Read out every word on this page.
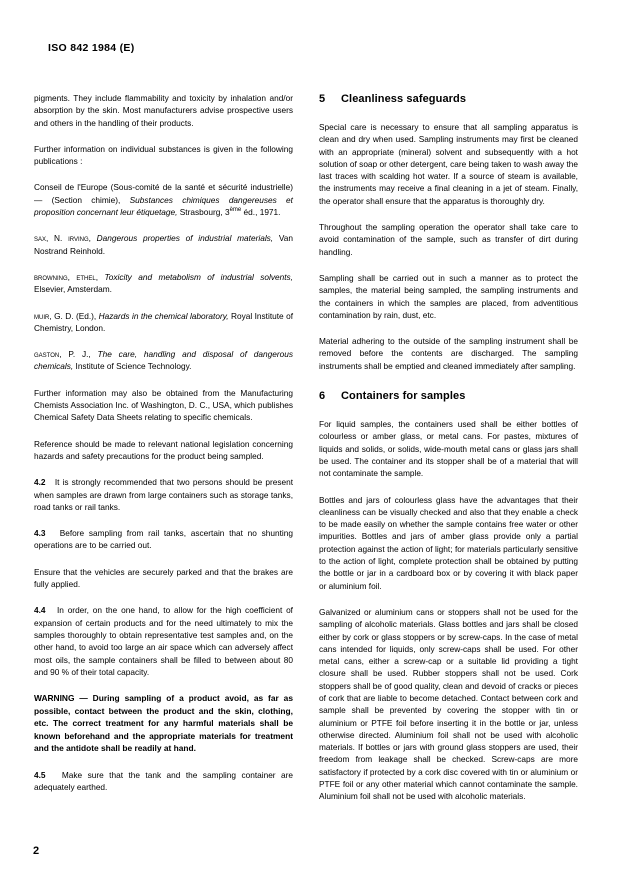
ISO 842 1984 (E)

pigments. They include flammability and toxicity by inhalation and/or absorption by the skin. Most manufacturers advise prospective users and others in the handling of their products.

Further information on individual substances is given in the following publications :

Conseil de l'Europe (Sous-comité de la santé et sécurité industrielle) — (Section chimie), Substances chimiques dangereuses et proposition concernant leur étiquetage, Strasbourg, 3ème éd., 1971.
sax, N. irving, Dangerous properties of industrial materials, Van Nostrand Reinhold.
browning, ethel, Toxicity and metabolism of industrial solvents, Elsevier, Amsterdam.
muir, G. D. (Ed.), Hazards in the chemical laboratory, Royal Institute of Chemistry, London.
gaston, P. J., The care, handling and disposal of dangerous chemicals, Institute of Science Technology.

Further information may also be obtained from the Manufacturing Chemists Association Inc. of Washington, D. C., USA, which publishes Chemical Safety Data Sheets relating to specific chemicals.

Reference should be made to relevant national legislation concerning hazards and safety precautions for the product being sampled.

4.2 It is strongly recommended that two persons should be present when samples are drawn from large containers such as storage tanks, road tanks or rail tanks.

4.3 Before sampling from rail tanks, ascertain that no shunting operations are to be carried out.

Ensure that the vehicles are securely parked and that the brakes are fully applied.

4.4 In order, on the one hand, to allow for the high coefficient of expansion of certain products and for the need ultimately to mix the samples thoroughly to obtain representative test samples and, on the other hand, to avoid too large an air space which can adversely affect most oils, the sample containers shall be filled to between about 80 and 90 % of their total capacity.

WARNING — During sampling of a product avoid, as far as possible, contact between the product and the skin, clothing, etc. The correct treatment for any harmful materials shall be known beforehand and the appropriate materials for treatment and the antidote shall be readily at hand.

4.5 Make sure that the tank and the sampling container are adequately earthed.

5 Cleanliness safeguards

Special care is necessary to ensure that all sampling apparatus is clean and dry when used. Sampling instruments may first be cleaned with an appropriate (mineral) solvent and subsequently with a hot solution of soap or other detergent, care being taken to wash away the last traces with scalding hot water. If a source of steam is available, the instruments may receive a final cleaning in a jet of steam. Finally, the operator shall ensure that the apparatus is thoroughly dry.

Throughout the sampling operation the operator shall take care to avoid contamination of the sample, such as transfer of dirt during handling.

Sampling shall be carried out in such a manner as to protect the samples, the material being sampled, the sampling instruments and the containers in which the samples are placed, from adventitious contamination by rain, dust, etc.

Material adhering to the outside of the sampling instrument shall be removed before the contents are discharged. The sampling instruments shall be emptied and cleaned immediately after sampling.

6 Containers for samples

For liquid samples, the containers used shall be either bottles of colourless or amber glass, or metal cans. For pastes, mixtures of liquids and solids, or solids, wide-mouth metal cans or glass jars shall be used. The container and its stopper shall be of a material that will not contaminate the sample.

Bottles and jars of colourless glass have the advantages that their cleanliness can be visually checked and also that they enable a check to be made easily on whether the sample contains free water or other impurities. Bottles and jars of amber glass provide only a partial protection against the action of light; for materials particularly sensitive to the action of light, complete protection shall be obtained by putting the bottle or jar in a cardboard box or by covering it with black paper or aluminium foil.

Galvanized or aluminium cans or stoppers shall not be used for the sampling of alcoholic materials. Glass bottles and jars shall be closed either by cork or glass stoppers or by screw-caps. In the case of metal cans intended for liquids, only screw-caps shall be used. For other metal cans, either a screw-cap or a suitable lid providing a tight closure shall be used. Rubber stoppers shall not be used. Cork stoppers shall be of good quality, clean and devoid of cracks or pieces of cork that are liable to become detached. Contact between cork and sample shall be prevented by covering the stopper with tin or aluminium or PTFE foil before inserting it in the bottle or jar, unless otherwise directed. Aluminium foil shall not be used with alcoholic materials. If bottles or jars with ground glass stoppers are used, their freedom from leakage shall be checked. Screw-caps are more satisfactory if protected by a cork disc covered with tin or aluminium or PTFE foil or any other material which cannot contaminate the sample. Aluminium foil shall not be used with alcoholic materials.

2
